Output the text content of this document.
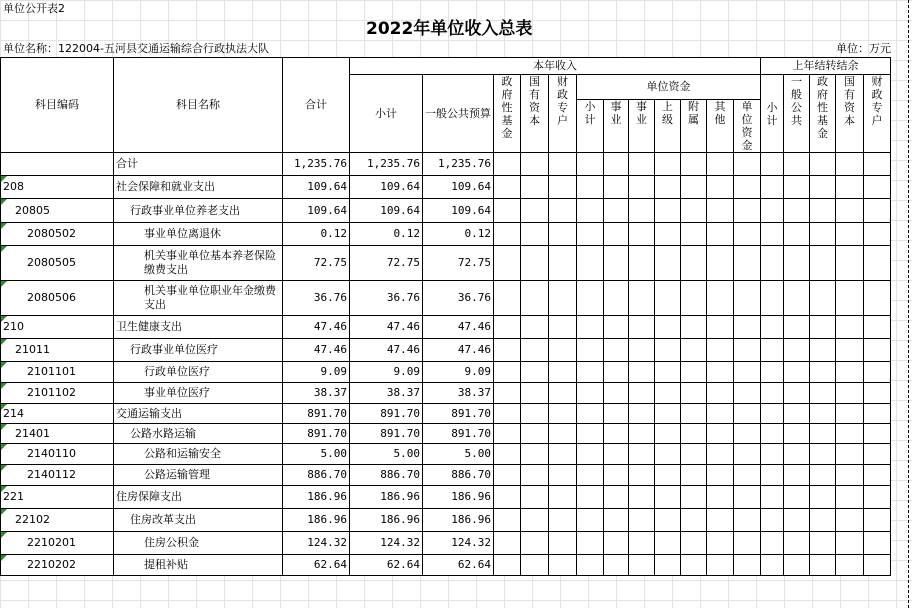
单位公开表2
2022年单位收入总表
单位名称：122004-五河县交通运输综合行政执法大队	单位：万元
科目编码	科目名称	合计	本年收入												上年结转结余				
			小计	一般公共预算	政府性基金	国有资本	财政专户	单位资金							小计	一般公共	政府性基金	国有资本	财政专户

								小计	事业	事业	上级	附属	其他	单位资金					

	合计	1,235.76	1,235.76	1,235.76															
208	社会保障和就业支出	109.64	109.64	109.64															
20805	行政事业单位养老支出	109.64	109.64	109.64															
2080502	事业单位离退休	0.12	0.12	0.12															
2080505	机关事业单位基本养老保险缴费支出	72.75	72.75	72.75															
2080506	机关事业单位职业年金缴费支出	36.76	36.76	36.76															
210	卫生健康支出	47.46	47.46	47.46															
21011	行政事业单位医疗	47.46	47.46	47.46															
2101101	行政单位医疗	9.09	9.09	9.09															
2101102	事业单位医疗	38.37	38.37	38.37															
214	交通运输支出	891.70	891.70	891.70															
21401	公路水路运输	891.70	891.70	891.70															
2140110	公路和运输安全	5.00	5.00	5.00															
2140112	公路运输管理	886.70	886.70	886.70															
221	住房保障支出	186.96	186.96	186.96															
22102	住房改革支出	186.96	186.96	186.96															
2210201	住房公积金	124.32	124.32	124.32															
2210202	提租补贴	62.64	62.64	62.64															
